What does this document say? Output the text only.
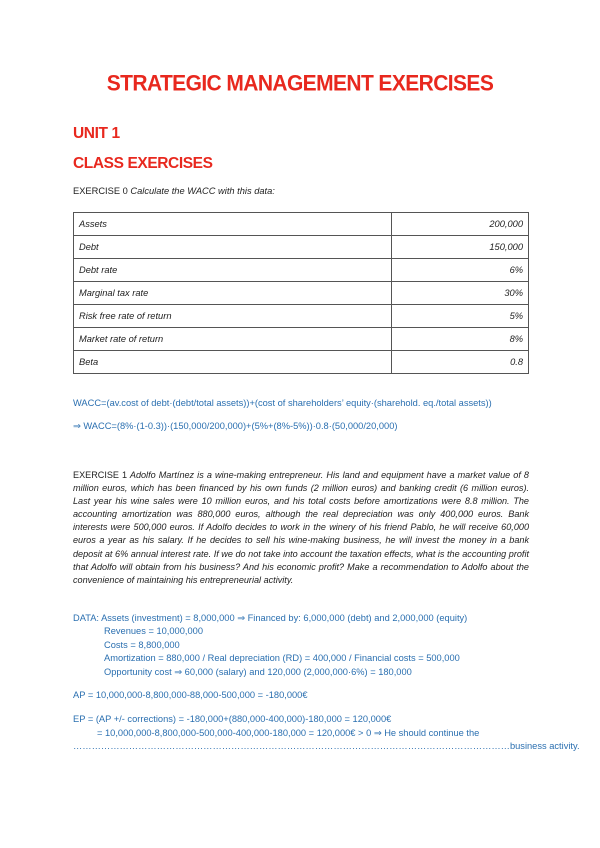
STRATEGIC MANAGEMENT EXERCISES
UNIT 1
CLASS EXERCISES
EXERCISE 0 Calculate the WACC with this data:
Assets	200,000
Debt	150,000
Debt rate	6%
Marginal tax rate	30%
Risk free rate of return	5%
Market rate of return	8%
Beta	0.8
WACC=(av.cost of debt·(debt/total assets))+(cost of shareholders’ equity·(sharehold. eq./total assets))
⇒ WACC=(8%·(1-0.3))·(150,000/200,000)+(5%+(8%-5%))·0.8·(50,000/20,000)
EXERCISE 1 Adolfo Martínez is a wine-making entrepreneur. His land and equipment have a market value of 8 million euros, which has been financed by his own funds (2 million euros) and banking credit (6 million euros). Last year his wine sales were 10 million euros, and his total costs before amortizations were 8.8 million. The accounting amortization was 880,000 euros, although the real depreciation was only 400,000 euros. Bank interests were 500,000 euros. If Adolfo decides to work in the winery of his friend Pablo, he will receive 60,000 euros a year as his salary. If he decides to sell his wine-making business, he will invest the money in a bank deposit at 6% annual interest rate. If we do not take into account the taxation effects, what is the accounting profit that Adolfo will obtain from his business? And his economic profit? Make a recommendation to Adolfo about the convenience of maintaining his entrepreneurial activity.
DATA: Assets (investment) = 8,000,000 ⇒ Financed by: 6,000,000 (debt) and 2,000,000 (equity)
Revenues = 10,000,000
Costs = 8,800,000
Amortization = 880,000 / Real depreciation (RD) = 400,000 / Financial costs = 500,000
Opportunity cost ⇒ 60,000 (salary) and 120,000 (2,000,000·6%) = 180,000
AP = 10,000,000-8,800,000-88,000-500,000 = -180,000€
EP = (AP +/- corrections) = -180,000+(880,000-400,000)-180,000 = 120,000€
= 10,000,000-8,800,000-500,000-400,000-180,000 = 120,000€ > 0 ⇒ He should continue the
……………………………………………………………………………………………………………………………business activity.
